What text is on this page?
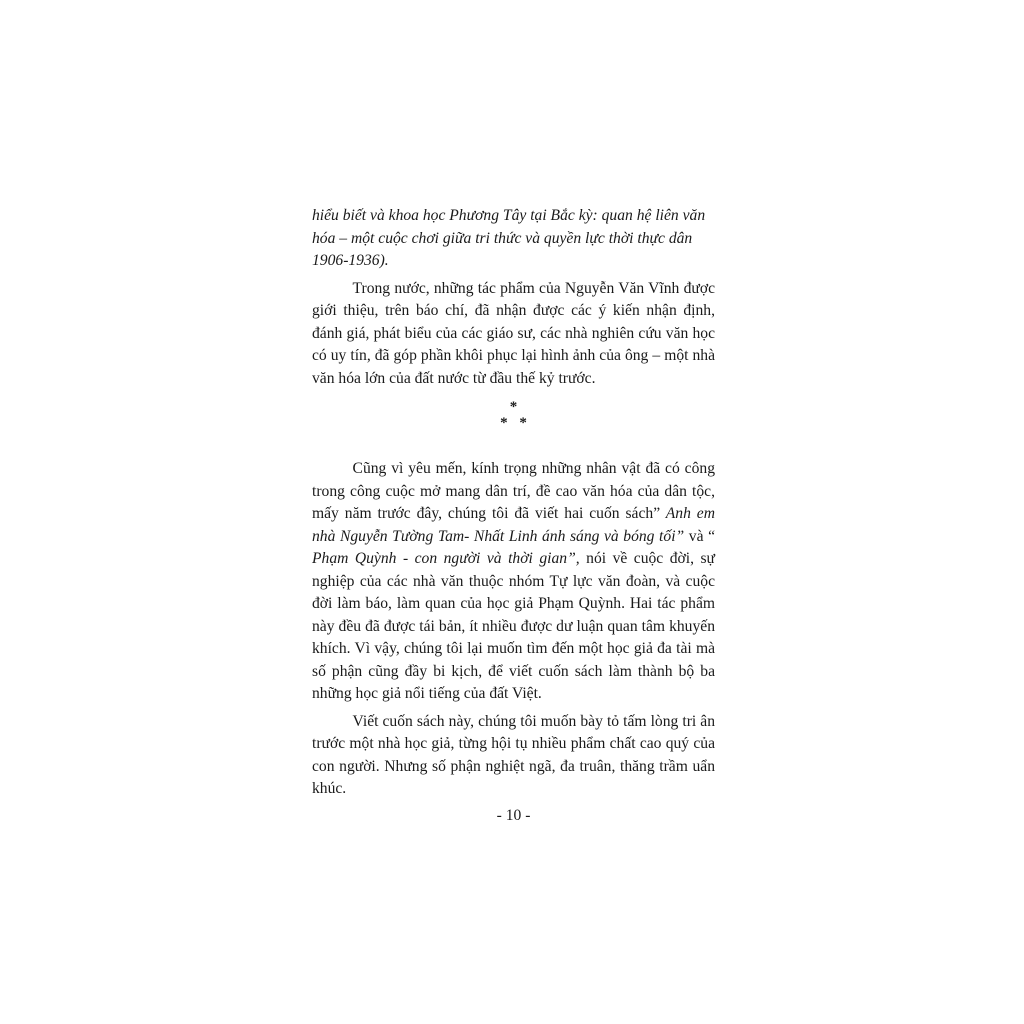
hiểu biết và khoa học Phương Tây tại Bắc kỳ: quan hệ liên văn hóa – một cuộc chơi giữa tri thức và quyền lực thời thực dân 1906-1936).

Trong nước, những tác phẩm của Nguyễn Văn Vĩnh được giới thiệu, trên báo chí, đã nhận được các ý kiến nhận định, đánh giá, phát biểu của các giáo sư, các nhà nghiên cứu văn học có uy tín, đã góp phần khôi phục lại hình ảnh của ông – một nhà văn hóa lớn của đất nước từ đầu thế kỷ trước.

*
* *

Cũng vì yêu mến, kính trọng những nhân vật đã có công trong công cuộc mở mang dân trí, đề cao văn hóa của dân tộc, mấy năm trước đây, chúng tôi đã viết hai cuốn sách” Anh em nhà Nguyễn Tường Tam- Nhất Linh ánh sáng và bóng tối” và “ Phạm Quỳnh - con người và thời gian”, nói về cuộc đời, sự nghiệp của các nhà văn thuộc nhóm Tự lực văn đoàn, và cuộc đời làm báo, làm quan của học giả Phạm Quỳnh. Hai tác phẩm này đều đã được tái bản, ít nhiều được dư luận quan tâm khuyến khích. Vì vậy, chúng tôi lại muốn tìm đến một học giả đa tài mà số phận cũng đầy bi kịch, để viết cuốn sách làm thành bộ ba những học giả nổi tiếng của đất Việt.

Viết cuốn sách này, chúng tôi muốn bày tỏ tấm lòng tri ân trước một nhà học giả, từng hội tụ nhiều phẩm chất cao quý của con người. Nhưng số phận nghiệt ngã, đa truân, thăng trầm uẩn khúc.

- 10 -
